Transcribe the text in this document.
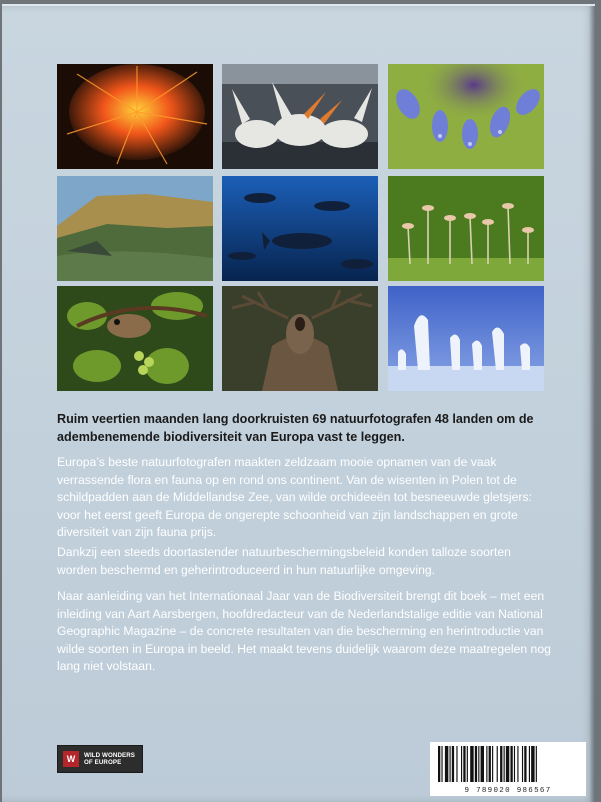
Ruim veertien maanden lang doorkruisten 69 natuurfotografen 48 landen om de adembenemende biodiversiteit van Europa vast te leggen.

Europa’s beste natuurfotografen maakten zeldzaam mooie opnamen van de vaak verrassende flora en fauna op en rond ons continent. Van de wisenten in Polen tot de schildpadden aan de Middellandse Zee, van wilde orchideeën tot besneeuwde gletsjers: voor het eerst geeft Europa de ongerepte schoonheid van zijn landschappen en grote diversiteit van zijn fauna prijs.

Dankzij een steeds doortastender natuurbeschermingsbeleid konden talloze soorten worden beschermd en geherintroduceerd in hun natuurlijke omgeving.

Naar aanleiding van het Internationaal Jaar van de Biodiversiteit brengt dit boek – met een inleiding van Aart Aarsbergen, hoofdredacteur van de Nederlandstalige editie van National Geographic Magazine – de concrete resultaten van die bescherming en herintroductie van wilde soorten in Europa in beeld. Het maakt tevens duidelijk waarom deze maatregelen nog lang niet volstaan.

W	WILD WONDERS
OF EUROPE
9 789020 986567
